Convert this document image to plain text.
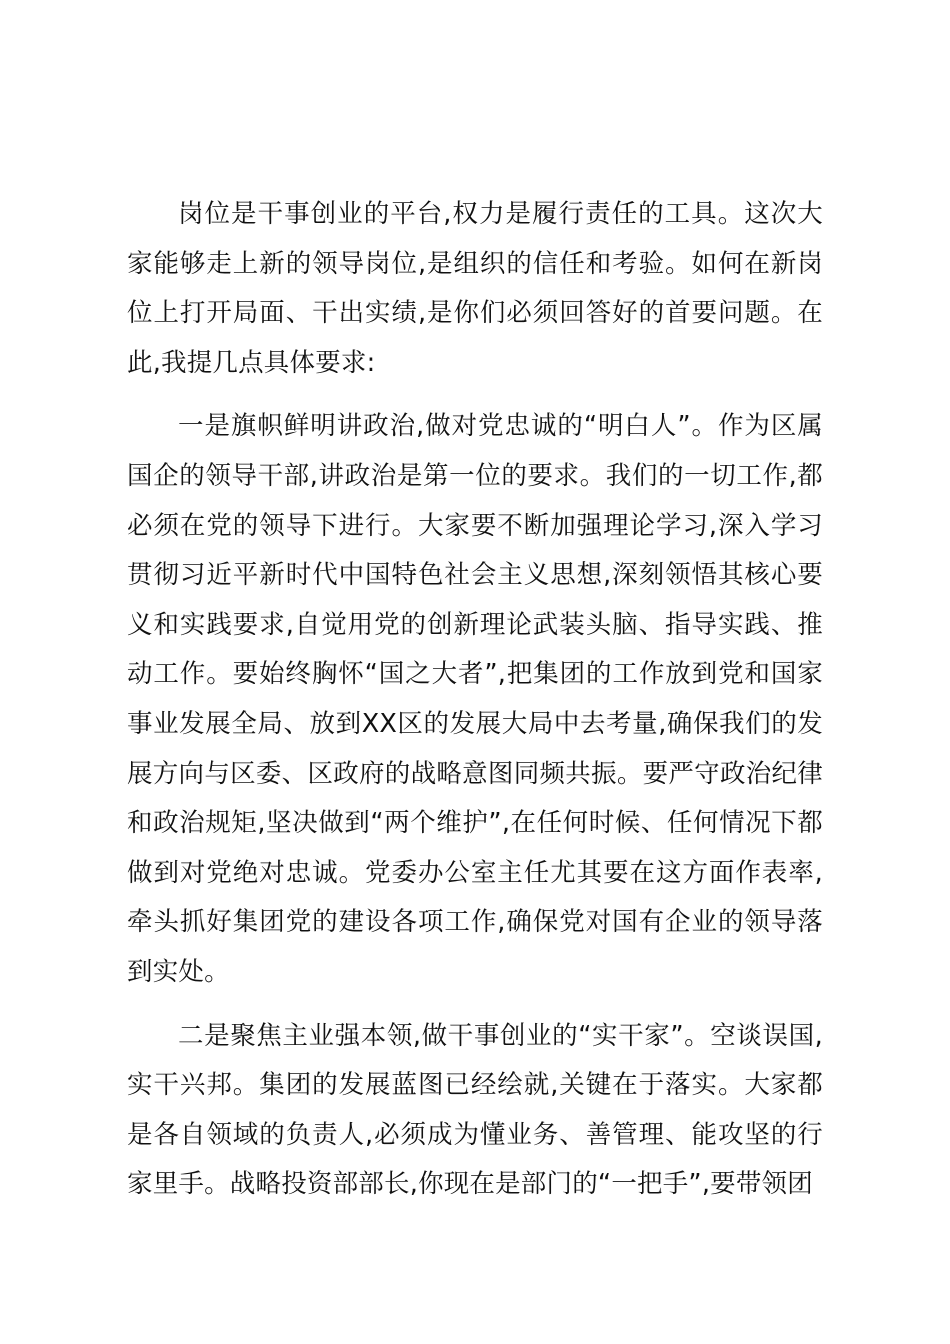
岗位是干事创业的平台,权力是履行责任的工具。这次大家能够走上新的领导岗位,是组织的信任和考验。如何在新岗位上打开局面、干出实绩,是你们必须回答好的首要问题。在此,我提几点具体要求:

一是旗帜鲜明讲政治,做对党忠诚的“明白人”。作为区属国企的领导干部,讲政治是第一位的要求。我们的一切工作,都必须在党的领导下进行。大家要不断加强理论学习,深入学习贯彻习近平新时代中国特色社会主义思想,深刻领悟其核心要义和实践要求,自觉用党的创新理论武装头脑、指导实践、推动工作。要始终胸怀“国之大者”,把集团的工作放到党和国家事业发展全局、放到XX区的发展大局中去考量,确保我们的发展方向与区委、区政府的战略意图同频共振。要严守政治纪律和政治规矩,坚决做到“两个维护”,在任何时候、任何情况下都做到对党绝对忠诚。党委办公室主任尤其要在这方面作表率,牵头抓好集团党的建设各项工作,确保党对国有企业的领导落到实处。

二是聚焦主业强本领,做干事创业的“实干家”。空谈误国,实干兴邦。集团的发展蓝图已经绘就,关键在于落实。大家都是各自领域的负责人,必须成为懂业务、善管理、能攻坚的行家里手。战略投资部部长,你现在是部门的“一把手”,要带领团
